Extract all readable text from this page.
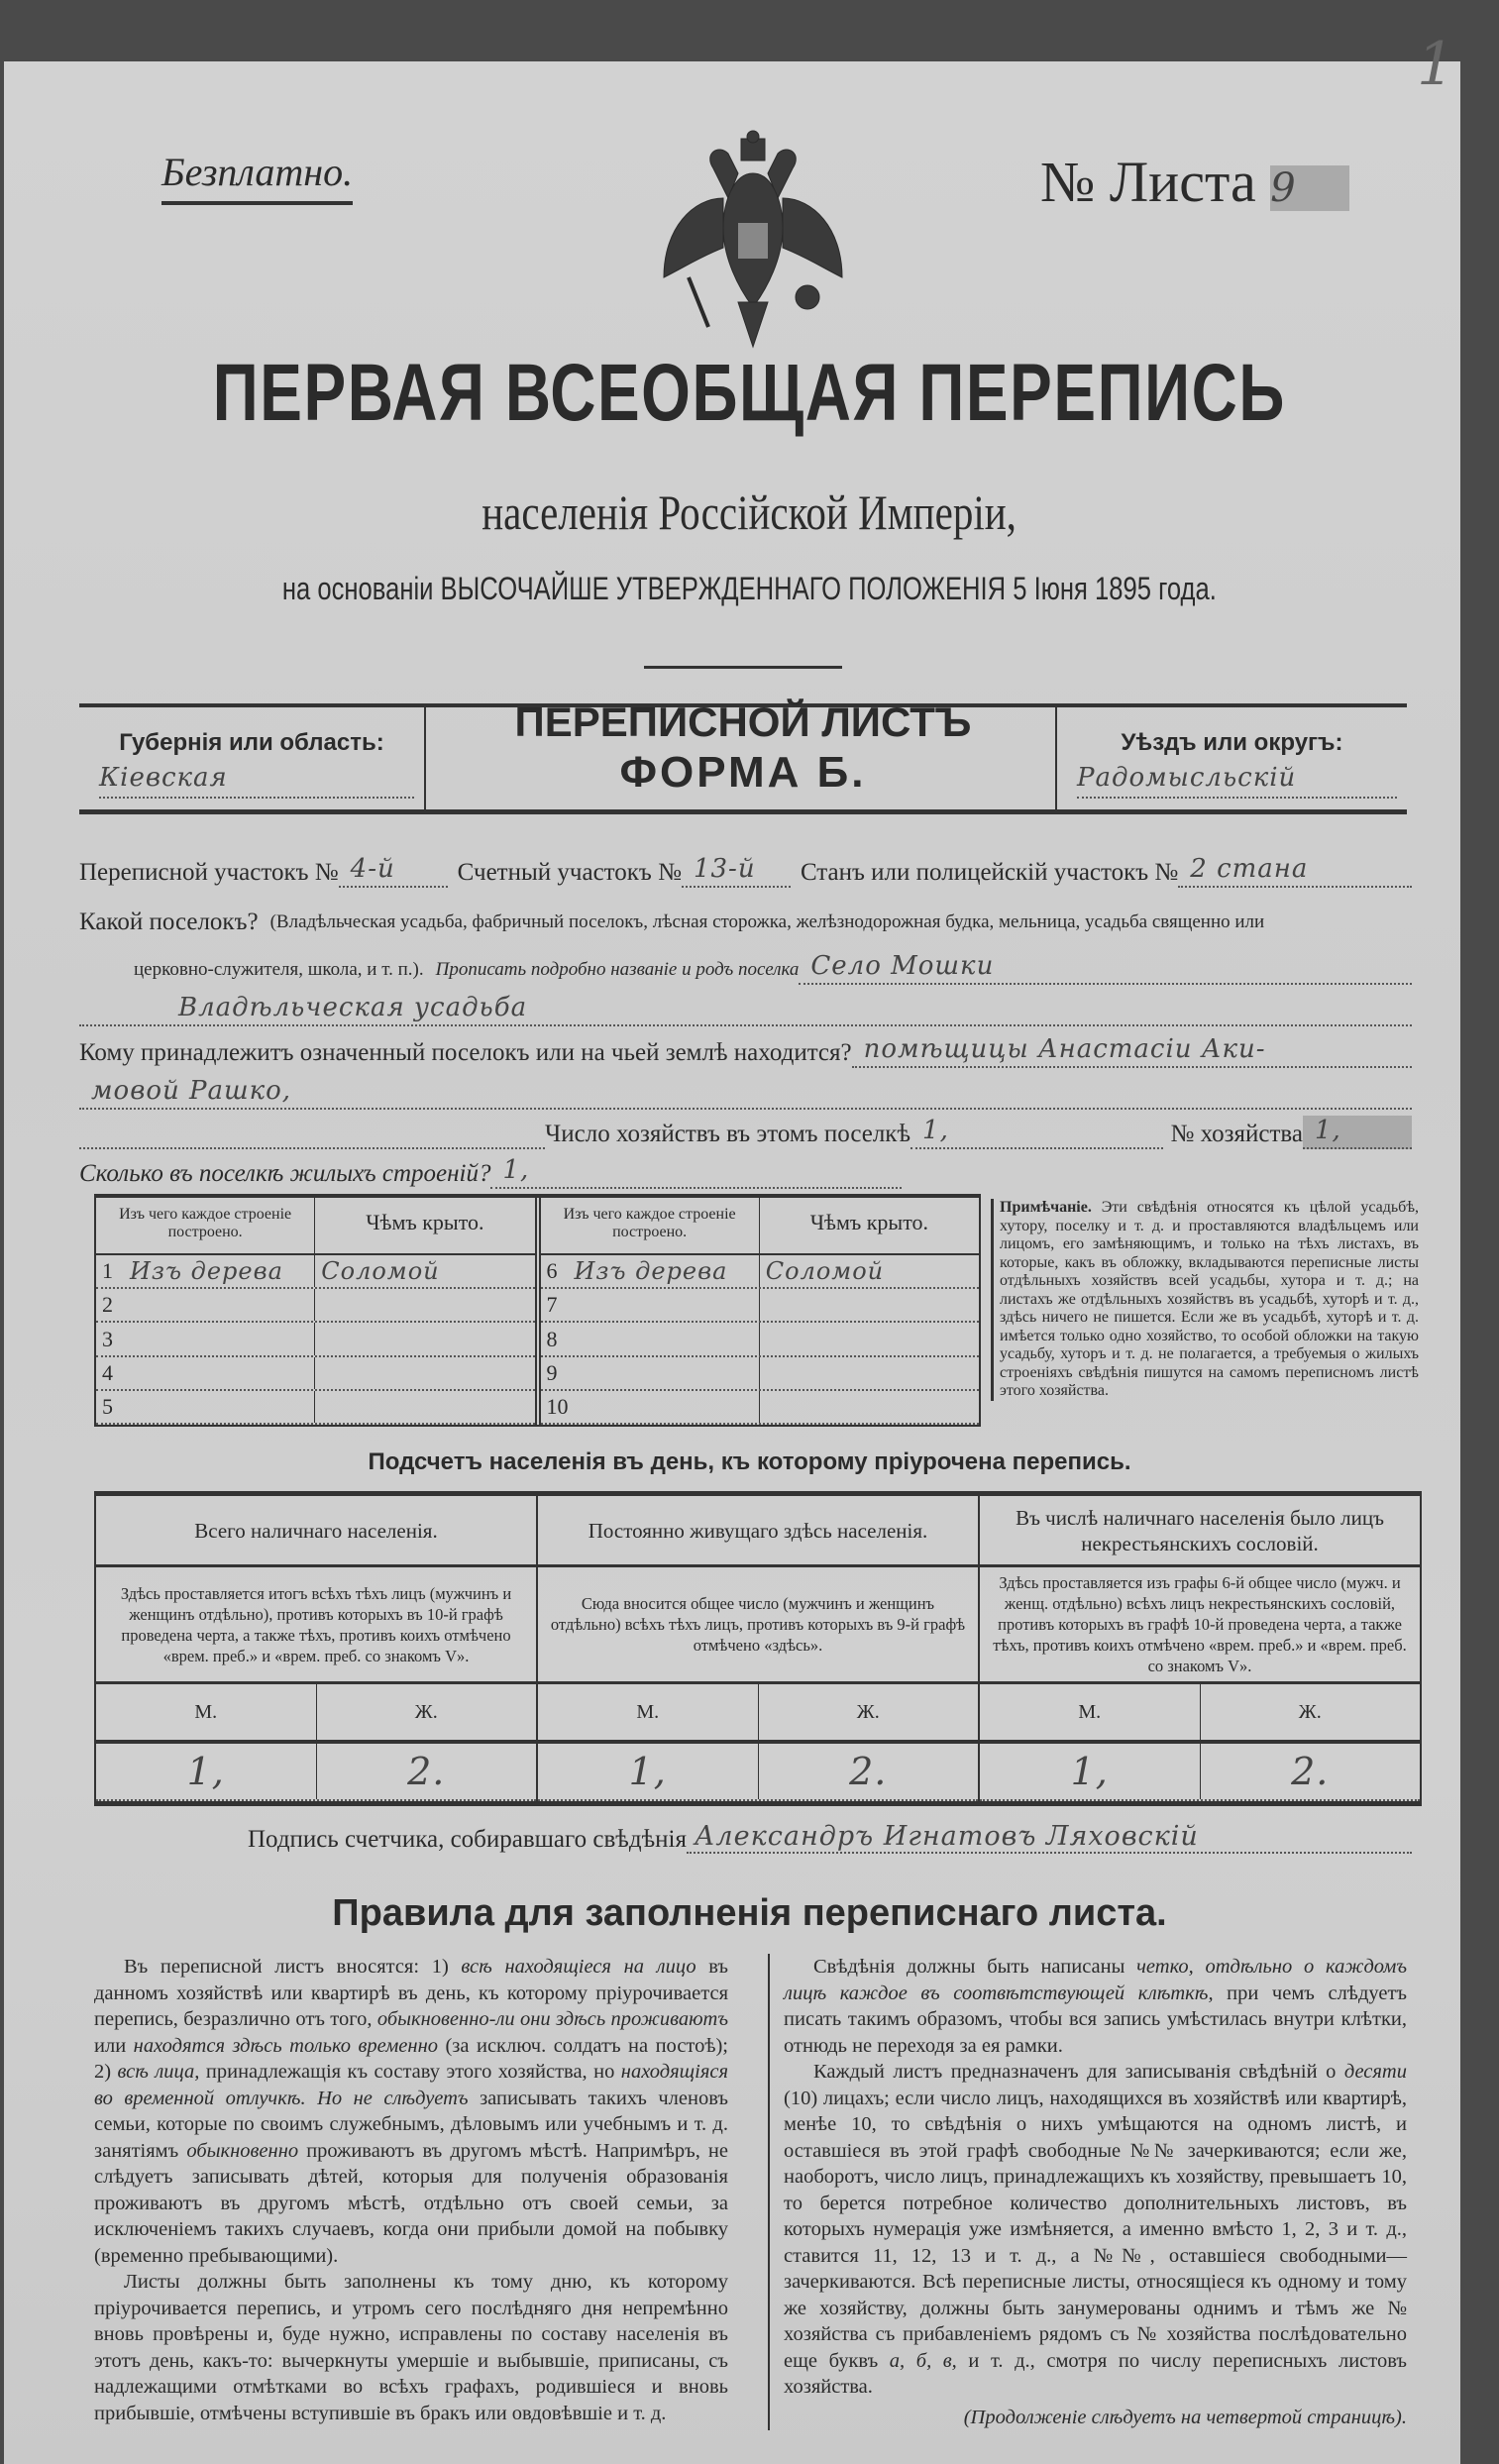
1
Безплатно.	№ Листа 9
ПЕРВАЯ ВСЕОБЩАЯ ПЕРЕПИСЬ
населенія Россійской Имперіи,
на основаніи ВЫСОЧАЙШЕ УТВЕРЖДЕННАГО ПОЛОЖЕНІЯ 5 Іюня 1895 года.
Губернія или область:
Кіевская
Уѣздъ или округъ:
Радомысльскій
ПЕРЕПИСНОЙ ЛИСТЪ
ФОРМА Б.
Переписной участокъ № 4-й	Счетный участокъ № 13-й	Станъ или полицейскій участокъ № 2 стана
Какой поселокъ? (Владѣльческая усадьба, фабричный поселокъ, лѣсная сторожка, желѣзнодорожная будка, мельница, усадьба священно или
церковно-служителя, школа, и т. п.). Прописать подробно названіе и родъ поселка Село Мошки
Владѣльческая усадьба
Кому принадлежитъ означенный поселокъ или на чьей землѣ находится? помѣщицы Анастасіи Аки-
мовой Рашко,
Число хозяйствъ въ этомъ поселкѣ 1,	№ хозяйства 1,
Сколько въ поселкѣ жилыхъ строеній? 1,
Изъ чего каждое строеніе построено.	Чѣмъ крыто.
1 Изъ дерева Соломой
2
3
4
5
Изъ чего каждое строеніе построено.	Чѣмъ крыто.
6 Изъ дерева Соломой
7
8
9
10
Примѣчаніе. Эти свѣдѣнія относятся къ цѣлой усадьбѣ, хутору, поселку и т. д. и проставляются владѣльцемъ или лицомъ, его замѣняющимъ, и только на тѣхъ листахъ, въ которые, какъ въ обложку, вкладываются переписные листы отдѣльныхъ хозяйствъ всей усадьбы, хутора и т. д.; на листахъ же отдѣльныхъ хозяйствъ въ усадьбѣ, хуторѣ и т. д., здѣсь ничего не пишется. Если же въ усадьбѣ, хуторѣ и т. д. имѣется только одно хозяйство, то особой обложки на такую усадьбу, хуторъ и т. д. не полагается, а требуемыя о жилыхъ строеніяхъ свѣдѣнія пишутся на самомъ переписномъ листѣ этого хозяйства.
Подсчетъ населенія въ день, къ которому пріурочена перепись.
Всего наличнаго населенія.
Здѣсь проставляется итогъ всѣхъ тѣхъ лицъ (мужчинъ и женщинъ отдѣльно), противъ которыхъ въ 10-й графѣ проведена черта, а также тѣхъ, противъ коихъ отмѣчено «врем. преб.» и «врем. преб. со знакомъ V».
М.	Ж.
1,	2.
Постоянно живущаго здѣсь населенія.
Сюда вносится общее число (мужчинъ и женщинъ отдѣльно) всѣхъ тѣхъ лицъ, противъ которыхъ въ 9-й графѣ отмѣчено «здѣсь».
М.	Ж.
1,	2.
Въ числѣ наличнаго населенія было лицъ некрестьянскихъ сословій.
Здѣсь проставляется изъ графы 6-й общее число (мужч. и женщ. отдѣльно) всѣхъ лицъ некрестьянскихъ сословій, противъ которыхъ въ графѣ 10-й проведена черта, а также тѣхъ, противъ коихъ отмѣчено «врем. преб.» и «врем. преб. со знакомъ V».
М.	Ж.
1,	2.
Подпись счетчика, собиравшаго свѣдѣнія Александръ Игнатовъ Ляховскій
Правила для заполненія переписнаго листа.

Въ переписной листъ вносятся: 1) всѣ находящіеся на лицо въ данномъ хозяйствѣ или квартирѣ въ день, къ которому пріурочивается перепись, безразлично отъ того, обыкновенно-ли они здѣсь проживаютъ или находятся здѣсь только временно (за исключ. солдатъ на постоѣ); 2) всѣ лица, принадлежащія къ составу этого хозяйства, но находящіяся во временной отлучкѣ. Но не слѣдуетъ записывать такихъ членовъ семьи, которые по своимъ служебнымъ, дѣловымъ или учебнымъ и т. д. занятіямъ обыкновенно проживаютъ въ другомъ мѣстѣ. Напримѣръ, не слѣдуетъ записывать дѣтей, которыя для полученія образованія проживаютъ въ другомъ мѣстѣ, отдѣльно отъ своей семьи, за исключеніемъ такихъ случаевъ, когда они прибыли домой на побывку (временно пребывающими).

Листы должны быть заполнены къ тому дню, къ которому пріурочивается перепись, и утромъ сего послѣдняго дня непремѣнно вновь провѣрены и, буде нужно, исправлены по составу населенія въ этотъ день, какъ-то: вычеркнуты умершіе и выбывшіе, приписаны, съ надлежащими отмѣтками во всѣхъ графахъ, родившіеся и вновь прибывшіе, отмѣчены вступившіе въ бракъ или овдовѣвшіе и т. д.

Свѣдѣнія должны быть написаны четко, отдѣльно о каждомъ лицѣ каждое въ соотвѣтствующей клѣткѣ, при чемъ слѣдуетъ писать такимъ образомъ, чтобы вся запись умѣстилась внутри клѣтки, отнюдь не переходя за ея рамки.

Каждый листъ предназначенъ для записыванія свѣдѣній о десяти (10) лицахъ; если число лицъ, находящихся въ хозяйствѣ или квартирѣ, менѣе 10, то свѣдѣнія о нихъ умѣщаются на одномъ листѣ, и оставшіеся въ этой графѣ свободные №№ зачеркиваются; если же, наоборотъ, число лицъ, принадлежащихъ къ хозяйству, превышаетъ 10, то берется потребное количество дополнительныхъ листовъ, въ которыхъ нумерація уже измѣняется, а именно вмѣсто 1, 2, 3 и т. д., ставится 11, 12, 13 и т. д., а №№, оставшіеся свободными—зачеркиваются. Всѣ переписные листы, относящіеся къ одному и тому же хозяйству, должны быть занумерованы однимъ и тѣмъ же № хозяйства съ прибавленіемъ рядомъ съ № хозяйства послѣдовательно еще буквъ а, б, в, и т. д., смотря по числу переписныхъ листовъ хозяйства.

(Продолженіе слѣдуетъ на четвертой страницѣ).
